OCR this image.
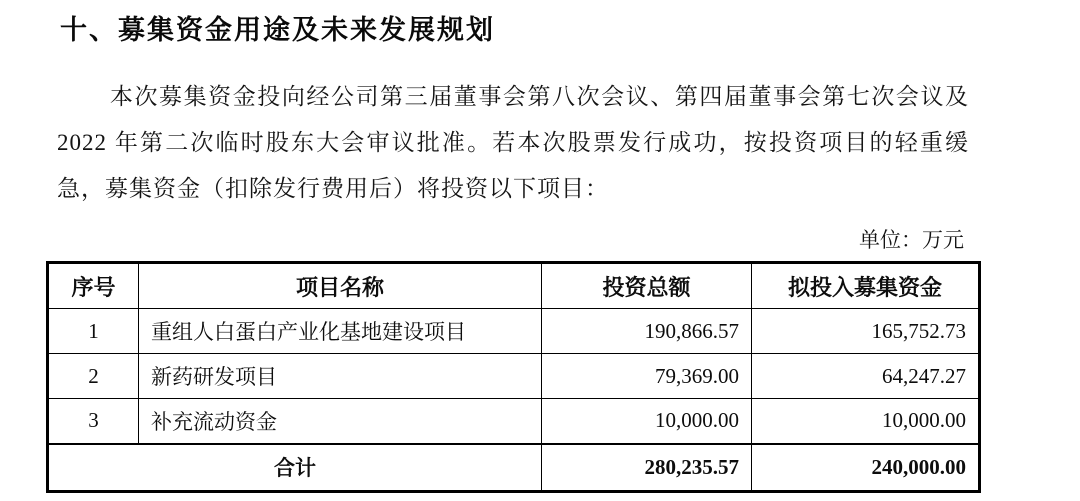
十、募集资金用途及未来发展规划

本次募集资金投向经公司第三届董事会第八次会议、第四届董事会第七次会议及 2022 年第二次临时股东大会审议批准。若本次股票发行成功，按投资项目的轻重缓急，募集资金（扣除发行费用后）将投资以下项目：

单位：万元
序号	项目名称	投资总额	拟投入募集资金
1	重组人白蛋白产业化基地建设项目	190,866.57	165,752.73
2	新药研发项目	79,369.00	64,247.27
3	补充流动资金	10,000.00	10,000.00
合计		280,235.57	240,000.00
